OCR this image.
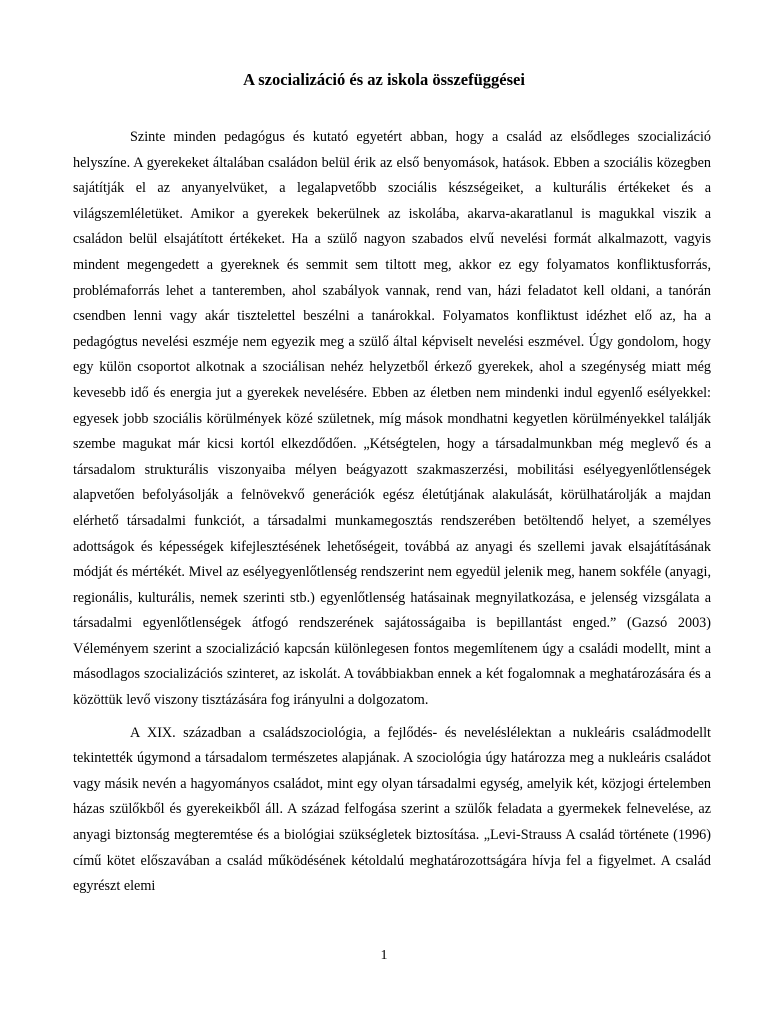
A szocializáció és az iskola összefüggései

Szinte minden pedagógus és kutató egyetért abban, hogy a család az elsődleges szocializáció helyszíne. A gyerekeket általában családon belül érik az első benyomások, hatások. Ebben a szociális közegben sajátítják el az anyanyelvüket, a legalapvetőbb szociális készségeiket, a kulturális értékeket és a világszemléletüket. Amikor a gyerekek bekerülnek az iskolába, akarva-akaratlanul is magukkal viszik a családon belül elsajátított értékeket. Ha a szülő nagyon szabados elvű nevelési formát alkalmazott, vagyis mindent megengedett a gyereknek és semmit sem tiltott meg, akkor ez egy folyamatos konfliktusforrás, problémaforrás lehet a tanteremben, ahol szabályok vannak, rend van, házi feladatot kell oldani, a tanórán csendben lenni vagy akár tisztelettel beszélni a tanárokkal. Folyamatos konfliktust idézhet elő az, ha a pedagógtus nevelési eszméje nem egyezik meg a szülő által képviselt nevelési eszmével. Úgy gondolom, hogy egy külön csoportot alkotnak a szociálisan nehéz helyzetből érkező gyerekek, ahol a szegénység miatt még kevesebb idő és energia jut a gyerekek nevelésére. Ebben az életben nem mindenki indul egyenlő esélyekkel: egyesek jobb szociális körülmények közé születnek, míg mások mondhatni kegyetlen körülményekkel találják szembe magukat már kicsi kortól elkezdődően. „Kétségtelen, hogy a társadalmunkban még meglevő és a társadalom strukturális viszonyaiba mélyen beágyazott szakmaszerzési, mobilitási esélyegyenlőtlenségek alapvetően befolyásolják a felnövekvő generációk egész életútjának alakulását, körülhatárolják a majdan elérhető társadalmi funkciót, a társadalmi munkamegosztás rendszerében betöltendő helyet, a személyes adottságok és képességek kifejlesztésének lehetőségeit, továbbá az anyagi és szellemi javak elsajátításának módját és mértékét. Mivel az esélyegyenlőtlenség rendszerint nem egyedül jelenik meg, hanem sokféle (anyagi, regionális, kulturális, nemek szerinti stb.) egyenlőtlenség hatásainak megnyilatkozása, e jelenség vizsgálata a társadalmi egyenlőtlenségek átfogó rendszerének sajátosságaiba is bepillantást enged.” (Gazsó 2003) Véleményem szerint a szocializáció kapcsán különlegesen fontos megemlítenem úgy a családi modellt, mint a másodlagos szocializációs szinteret, az iskolát. A továbbiakban ennek a két fogalomnak a meghatározására és a közöttük levő viszony tisztázására fog irányulni a dolgozatom.

A XIX. században a családszociológia, a fejlődés- és neveléslélektan a nukleáris családmodellt tekintették úgymond a társadalom természetes alapjának. A szociológia úgy határozza meg a nukleáris családot vagy másik nevén a hagyományos családot, mint egy olyan társadalmi egység, amelyik két, közjogi értelemben házas szülőkből és gyerekeikből áll. A század felfogása szerint a szülők feladata a gyermekek felnevelése, az anyagi biztonság megteremtése és a biológiai szükségletek biztosítása. „Levi-Strauss A család története (1996) című kötet előszavában a család működésének kétoldalú meghatározottságára hívja fel a figyelmet. A család egyrészt elemi

1
